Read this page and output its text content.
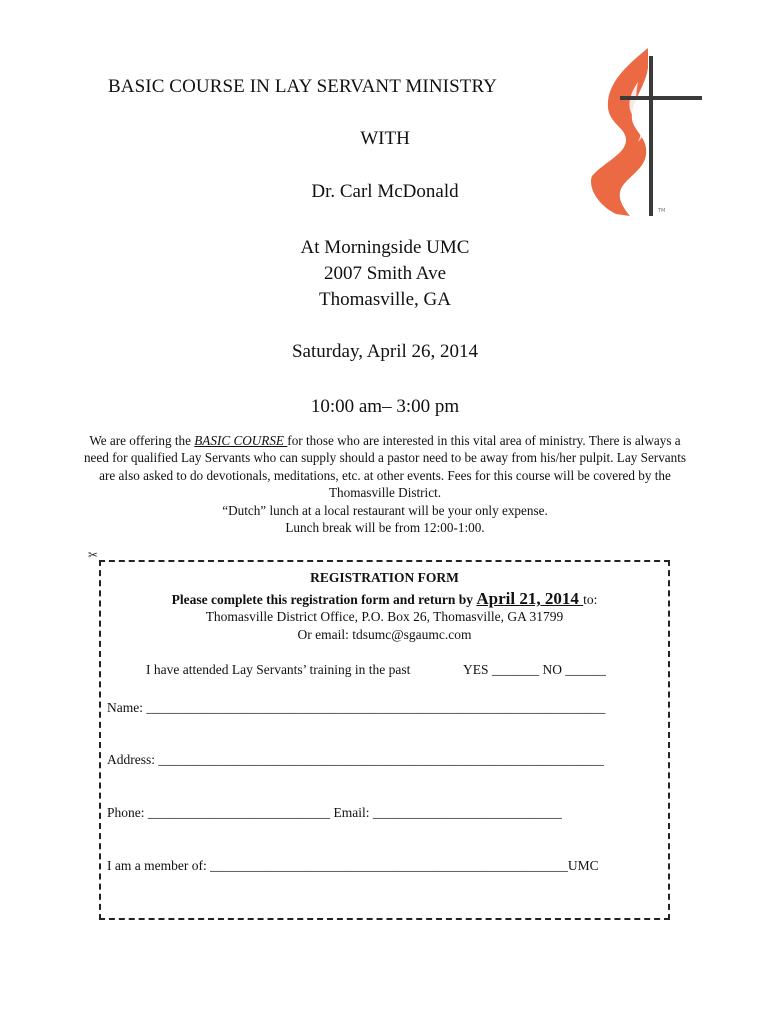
BASIC COURSE IN LAY SERVANT MINISTRY
TM
WITH
Dr. Carl McDonald
At Morningside UMC
2007 Smith Ave
Thomasville, GA
Saturday, April 26, 2014
10:00 am– 3:00 pm
We are offering the BASIC COURSE for those who are interested in this vital area of ministry. There is always a need for qualified Lay Servants who can supply should a pastor need to be away from his/her pulpit. Lay Servants are also asked to do devotionals, meditations, etc. at other events. Fees for this course will be covered by the Thomasville District.
“Dutch” lunch at a local restaurant will be your only expense.
Lunch break will be from 12:00-1:00.
✂
REGISTRATION FORM
Please complete this registration form and return by April 21, 2014 to:
Thomasville District Office, P.O. Box 26, Thomasville, GA 31799
Or email: tdsumc@sgaumc.com
I have attended Lay Servants’ training in the past	YES _______ NO ______
Name: ____________________________________________________________________
Address: __________________________________________________________________
Phone: ___________________________ Email: ____________________________
I am a member of: _____________________________________________________UMC
